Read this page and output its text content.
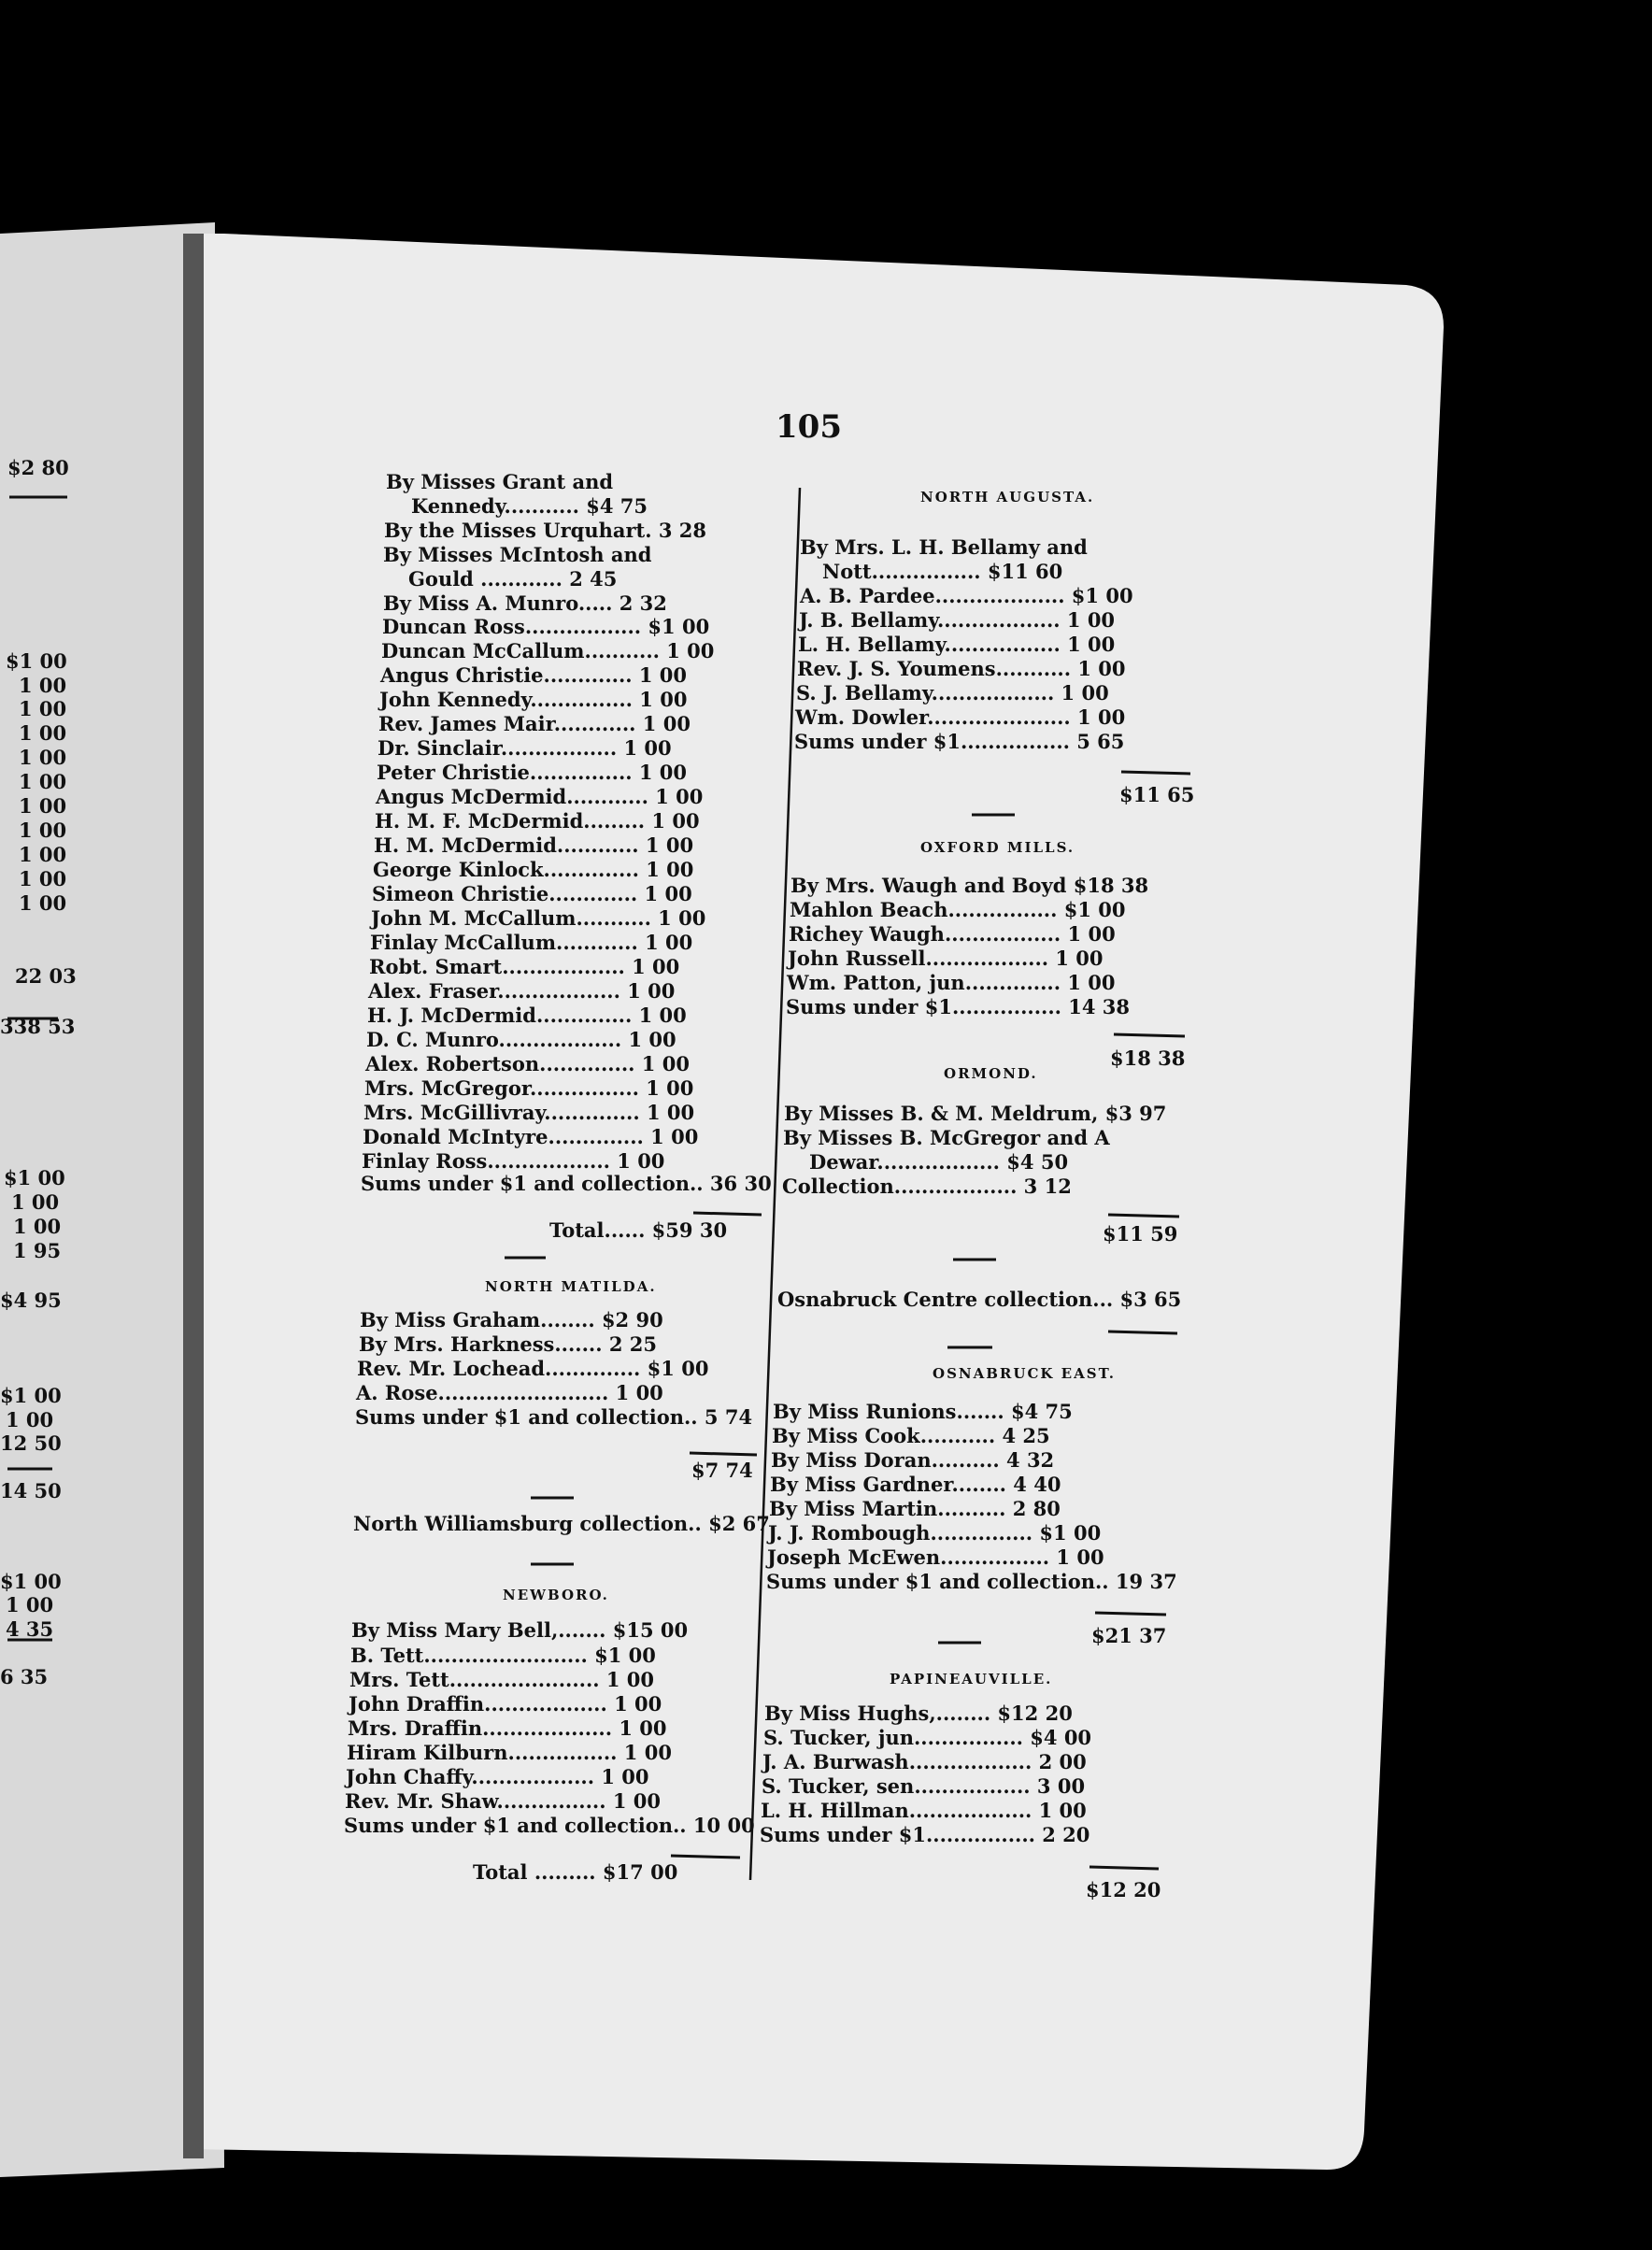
105
$2 80
$1 00
1 00
1 00
1 00
1 00
1 00
1 00
1 00
1 00
1 00
1 00
22 03
338 53
$1 00
1 00
1 00
1 95
$4 95
$1 00
1 00
12 50
14 50
$1 00
1 00
4 35
6 35
By Misses Grant and
Kennedy........... $4 75
By the Misses Urquhart. 3 28
By Misses McIntosh and
Gould ............ 2 45
By Miss A. Munro..... 2 32
Duncan Ross................. $1 00
Duncan McCallum........... 1 00
Angus Christie............. 1 00
John Kennedy............... 1 00
Rev. James Mair............ 1 00
Dr. Sinclair................. 1 00
Peter Christie............... 1 00
Angus McDermid............ 1 00
H. M. F. McDermid......... 1 00
H. M. McDermid............ 1 00
George Kinlock.............. 1 00
Simeon Christie............. 1 00
John M. McCallum........... 1 00
Finlay McCallum............ 1 00
Robt. Smart.................. 1 00
Alex. Fraser.................. 1 00
H. J. McDermid.............. 1 00
D. C. Munro.................. 1 00
Alex. Robertson.............. 1 00
Mrs. McGregor................ 1 00
Mrs. McGillivray.............. 1 00
Donald McIntyre.............. 1 00
Finlay Ross.................. 1 00
Sums under $1 and collection.. 36 30
Total...... $59 30
NORTH MATILDA.
By Miss Graham........ $2 90
By Mrs. Harkness....... 2 25
Rev. Mr. Lochead.............. $1 00
A. Rose......................... 1 00
Sums under $1 and collection.. 5 74
$7 74
North Williamsburg collection.. $2 67
NEWBORO.
By Miss Mary Bell,....... $15 00
B. Tett........................ $1 00
Mrs. Tett...................... 1 00
John Draffin.................. 1 00
Mrs. Draffin................... 1 00
Hiram Kilburn................ 1 00
John Chaffy.................. 1 00
Rev. Mr. Shaw................ 1 00
Sums under $1 and collection.. 10 00
Total ......... $17 00
NORTH AUGUSTA.
By Mrs. L. H. Bellamy and
Nott................ $11 60
A. B. Pardee................... $1 00
J. B. Bellamy.................. 1 00
L. H. Bellamy................. 1 00
Rev. J. S. Youmens........... 1 00
S. J. Bellamy.................. 1 00
Wm. Dowler..................... 1 00
Sums under $1................ 5 65
$11 65
OXFORD MILLS.
By Mrs. Waugh and Boyd $18 38
Mahlon Beach................ $1 00
Richey Waugh................. 1 00
John Russell.................. 1 00
Wm. Patton, jun.............. 1 00
Sums under $1................ 14 38
$18 38
ORMOND.
By Misses B. & M. Meldrum, $3 97
By Misses B. McGregor and A
Dewar.................. $4 50
Collection.................. 3 12
$11 59
Osnabruck Centre collection... $3 65
OSNABRUCK EAST.
By Miss Runions....... $4 75
By Miss Cook........... 4 25
By Miss Doran.......... 4 32
By Miss Gardner........ 4 40
By Miss Martin.......... 2 80
J. J. Rombough............... $1 00
Joseph McEwen................ 1 00
Sums under $1 and collection.. 19 37
$21 37
PAPINEAUVILLE.
By Miss Hughs,........ $12 20
S. Tucker, jun................ $4 00
J. A. Burwash.................. 2 00
S. Tucker, sen................. 3 00
L. H. Hillman.................. 1 00
Sums under $1................ 2 20
$12 20
